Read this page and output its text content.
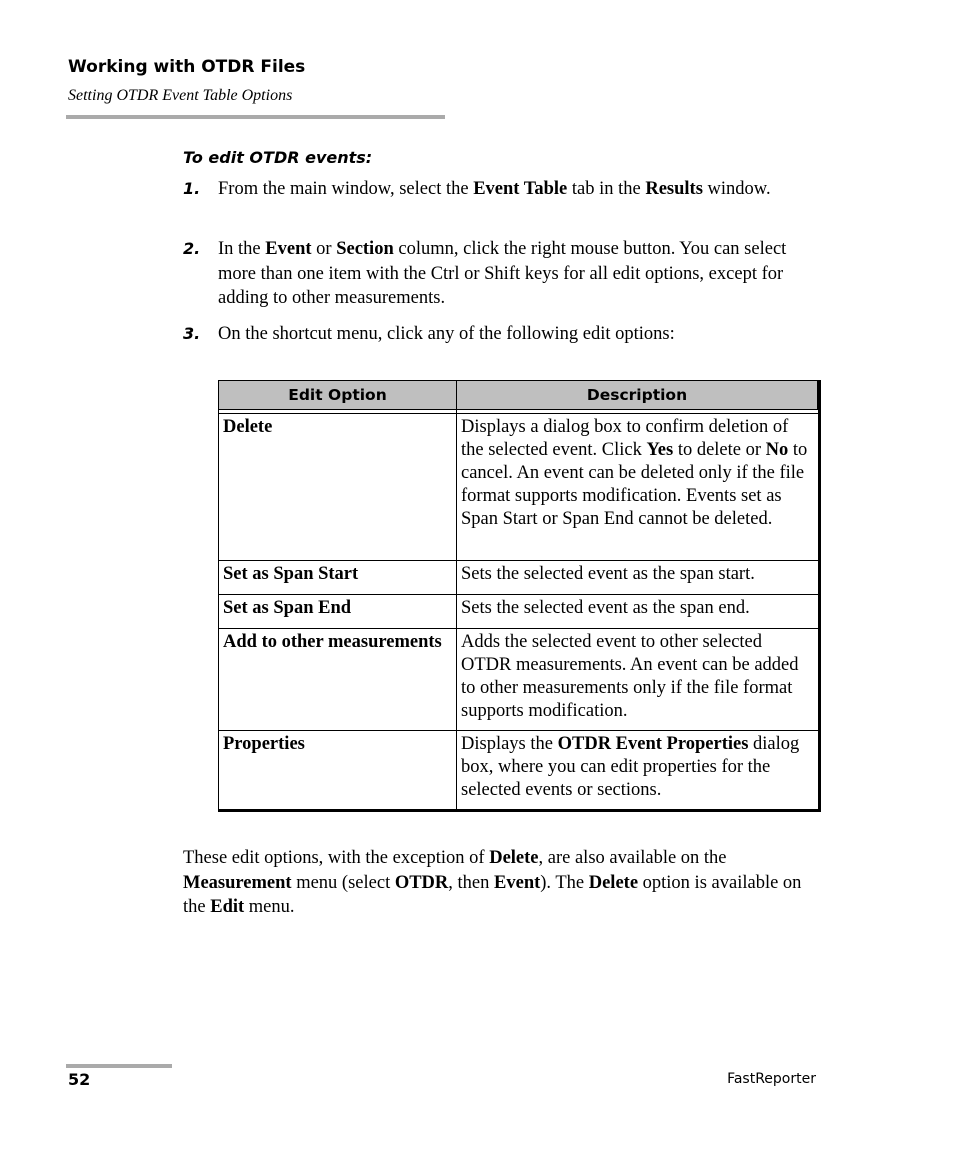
Working with OTDR Files
Setting OTDR Event Table Options
To edit OTDR events:
1. From the main window, select the Event Table tab in the Results window.
2. In the Event or Section column, click the right mouse button. You can select more than one item with the Ctrl or Shift keys for all edit options, except for adding to other measurements.
3. On the shortcut menu, click any of the following edit options:
Edit Option	Description
Delete	Displays a dialog box to confirm deletion of the selected event. Click Yes to delete or No to cancel. An event can be deleted only if the file format supports modification. Events set as Span Start or Span End cannot be deleted.
Set as Span Start	Sets the selected event as the span start.
Set as Span End	Sets the selected event as the span end.
Add to other measurements	Adds the selected event to other selected OTDR measurements. An event can be added to other measurements only if the file format supports modification.
Properties	Displays the OTDR Event Properties dialog box, where you can edit properties for the selected events or sections.
These edit options, with the exception of Delete, are also available on the Measurement menu (select OTDR, then Event). The Delete option is available on the Edit menu.
52	FastReporter
